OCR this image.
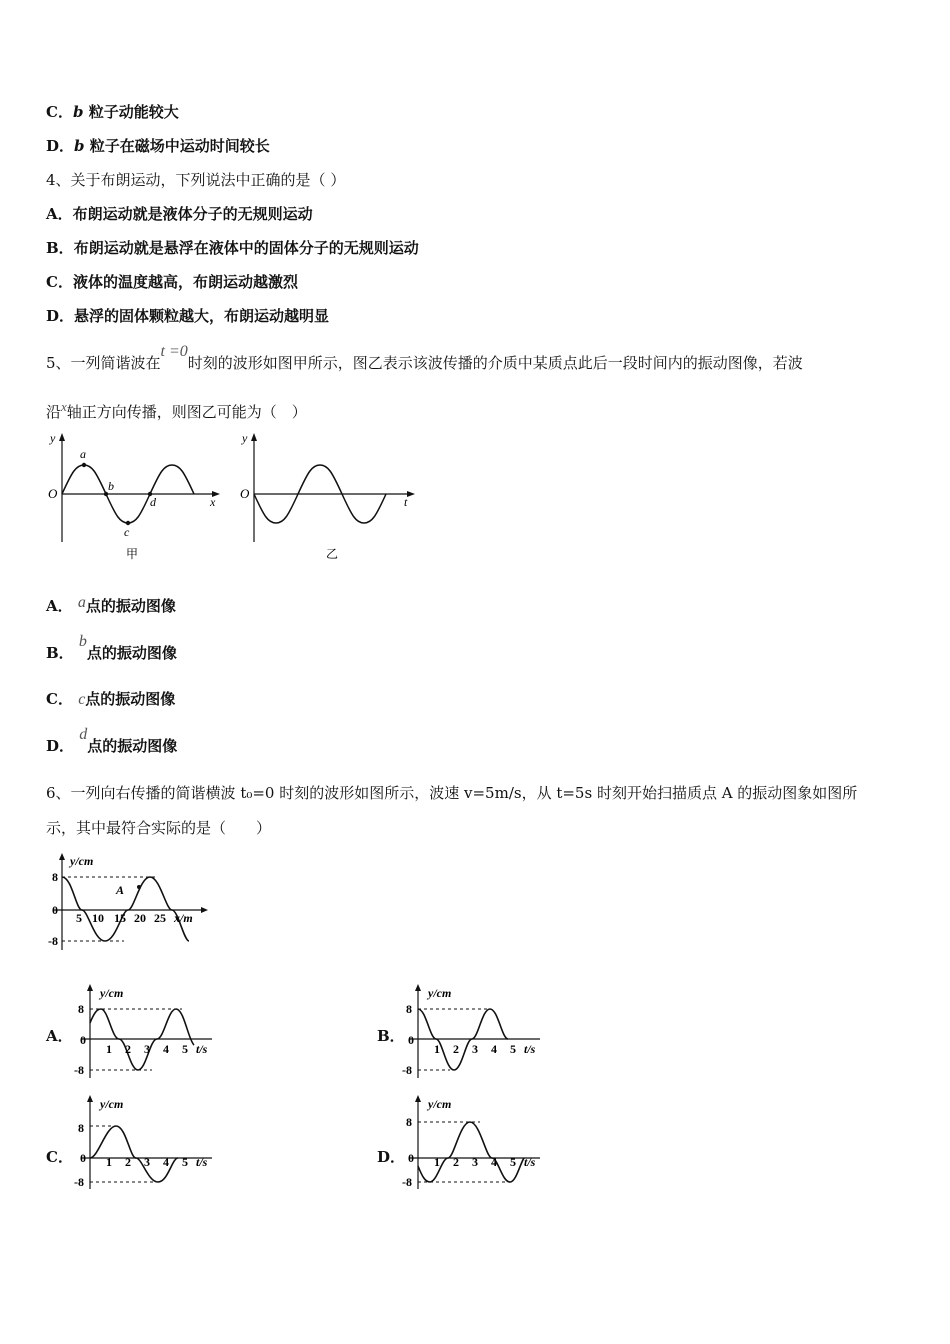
C．b 粒子动能较大
D．b 粒子在磁场中运动时间较长
4、关于布朗运动，下列说法中正确的是（ ）
A．布朗运动就是液体分子的无规则运动
B．布朗运动就是悬浮在液体中的固体分子的无规则运动
C．液体的温度越高，布朗运动越激烈
D．悬浮的固体颗粒越大，布朗运动越明显
5、一列简谐波在t =0时刻的波形如图甲所示，图乙表示该波传播的介质中某质点此后一段时间内的振动图像，若波
沿x轴正方向传播，则图乙可能为（　）
y
O
x
a
b
c
d
甲
y
O
t
乙
A． a点的振动图像
B． b点的振动图像
C． c点的振动图像
D． d点的振动图像
6、一列向右传播的简谐横波 t₀=0 时刻的波形如图所示，波速 v=5m/s，从 t=5s 时刻开始扫描质点 A 的振动图象如图所
示，其中最符合实际的是（　　）
y/cm
8
0
-8
5 10 15 20 25 x/m
A
A．
y/cm
8
0
-8
1 2 3 4 5 t/s
B．
y/cm
8
0
-8
1 2 3 4 5 t/s
C．
y/cm
8
0
-8
1 2 3 4 5 t/s	D．
y/cm
8
0
-8
1 2 3 4 5 t/s
